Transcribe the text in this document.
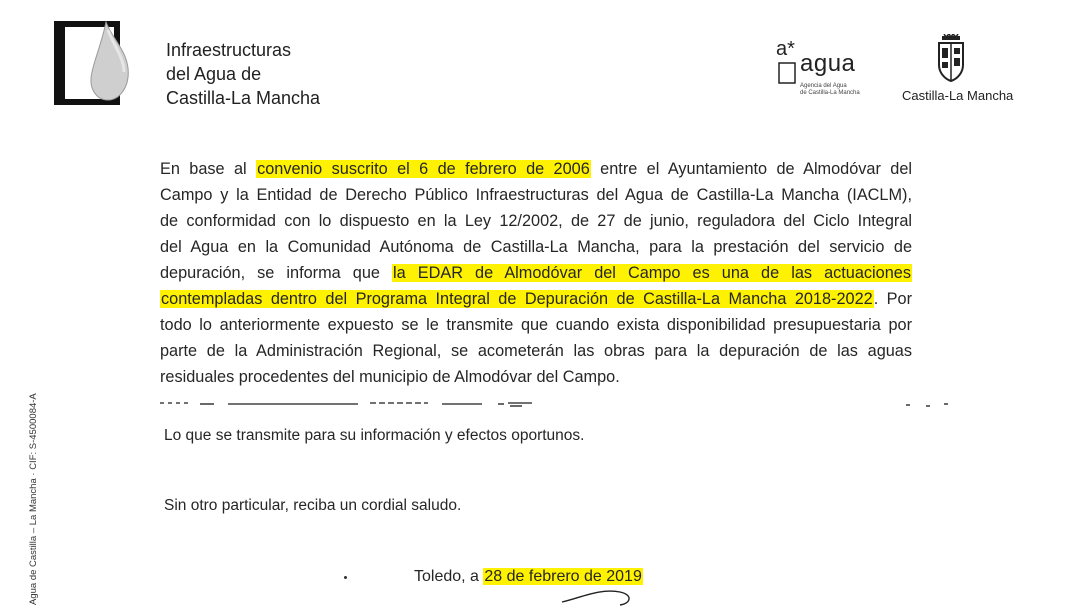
Infraestructuras
del Agua de
Castilla-La Mancha
a*
agua
Agencia del Agua
de Castilla-La Mancha	Castilla-La Mancha
En base al convenio suscrito el 6 de febrero de 2006 entre el Ayuntamiento de Almodóvar del
Campo y la Entidad de Derecho Público Infraestructuras del Agua de Castilla-La Mancha (IACLM),
de conformidad con lo dispuesto en la Ley 12/2002, de 27 de junio, reguladora del Ciclo Integral
del Agua en la Comunidad Autónoma de Castilla-La Mancha, para la prestación del servicio de
depuración, se informa que la EDAR de Almodóvar del Campo es una de las actuaciones
contempladas dentro del Programa Integral de Depuración de Castilla-La Mancha 2018-2022. Por
todo lo anteriormente expuesto se le transmite que cuando exista disponibilidad presupuestaria por
parte de la Administración Regional, se acometerán las obras para la depuración de las aguas
residuales procedentes del municipio de Almodóvar del Campo.
Lo que se transmite para su información y efectos oportunos.
Sin otro particular, reciba un cordial saludo.
Toledo, a 28 de febrero de 2019
Agua de Castilla – La Mancha · CIF: S-4500084-A
